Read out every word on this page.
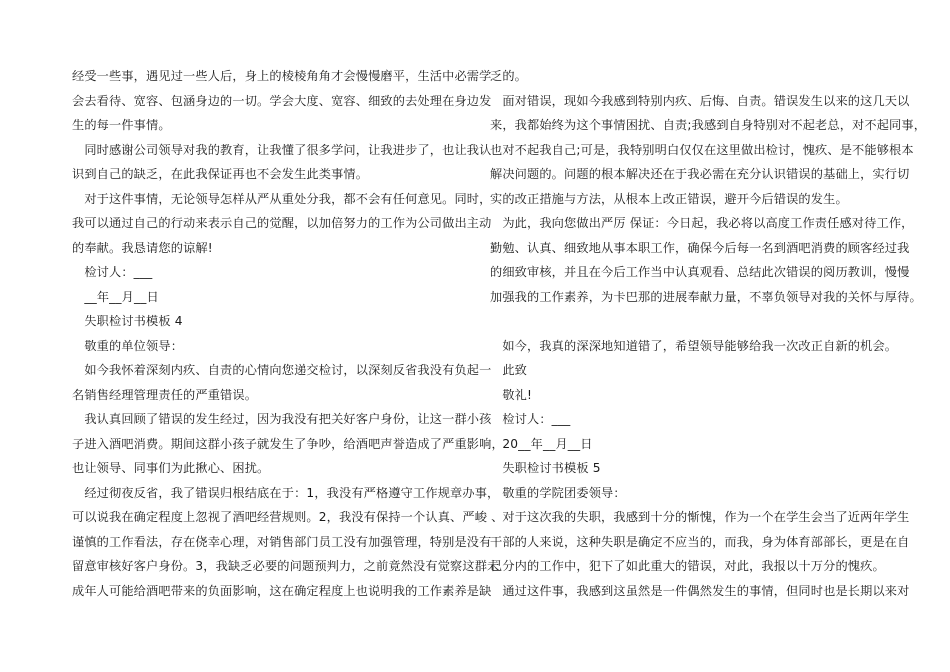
经受一些事，遇见过一些人后，身上的棱棱角角才会慢慢磨平，生活中必需学
会去看待、宽容、包涵身边的一切。学会大度、宽容、细致的去处理在身边发
生的每一件事情。
　同时感谢公司领导对我的教育，让我懂了很多学问，让我进步了，也让我认
识到自己的缺乏，在此我保证再也不会发生此类事情。
　对于这件事情，无论领导怎样从严从重处分我，都不会有任何意见。同时，
我可以通过自己的行动来表示自己的觉醒，以加倍努力的工作为公司做出主动
的奉献。我恳请您的谅解!
　检讨人：___
　__年__月__日
　失职检讨书模板 4
　敬重的单位领导：
　如今我怀着深刻内疚、自责的心情向您递交检讨，以深刻反省我没有负起一
名销售经理管理责任的严重错误。
　我认真回顾了错误的发生经过，因为我没有把关好客户身份，让这一群小孩
子进入酒吧消费。期间这群小孩子就发生了争吵，给酒吧声誉造成了严重影响，
也让领导、同事们为此揪心、困扰。
　经过彻夜反省，我了错误归根结底在于：1，我没有严格遵守工作规章办事，
可以说我在确定程度上忽视了酒吧经营规则。2，我没有保持一个认真、严峻 、
谨慎的工作看法，存在侥幸心理，对销售部门员工没有加强管理，特别是没有
留意审核好客户身份。3，我缺乏必要的问题预判力，之前竟然没有觉察这群未
成年人可能给酒吧带来的负面影响，这在确定程度上也说明我的工作素养是缺
乏的。
　面对错误，现如今我感到特别内疚、后悔、自责。错误发生以来的这几天以
来，我都始终为这个事情困扰、自责;我感到自身特别对不起老总，对不起同事，
也对不起我自己;可是，我特别明白仅仅在这里做出检讨，愧疚、是不能够根本
解决问题的。问题的根本解决还在于我必需在充分认识错误的基础上，实行切
实的改正措施与方法，从根本上改正错误，避开今后错误的发生。
　为此，我向您做出严厉 保证：今日起，我必将以高度工作责任感对待工作，
勤勉、认真、细致地从事本职工作，确保今后每一名到酒吧消费的顾客经过我
的细致审核，并且在今后工作当中认真观看、总结此次错误的阅历教训，慢慢
加强我的工作素养，为卡巴那的进展奉献力量，不辜负领导对我的关怀与厚待。
　如今，我真的深深地知道错了，希望领导能够给我一次改正自新的机会。
　此致
　敬礼!
　检讨人：___
　20__年__月__日
　失职检讨书模板 5
　敬重的学院团委领导：
　对于这次我的失职，我感到十分的惭愧，作为一个在学生会当了近两年学生
干部的人来说，这种失职是确定不应当的，而我，身为体育部部长，更是在自
己分内的工作中，犯下了如此重大的错误，对此，我报以十万分的愧疚。
　通过这件事，我感到这虽然是一件偶然发生的事情，但同时也是长期以来对
